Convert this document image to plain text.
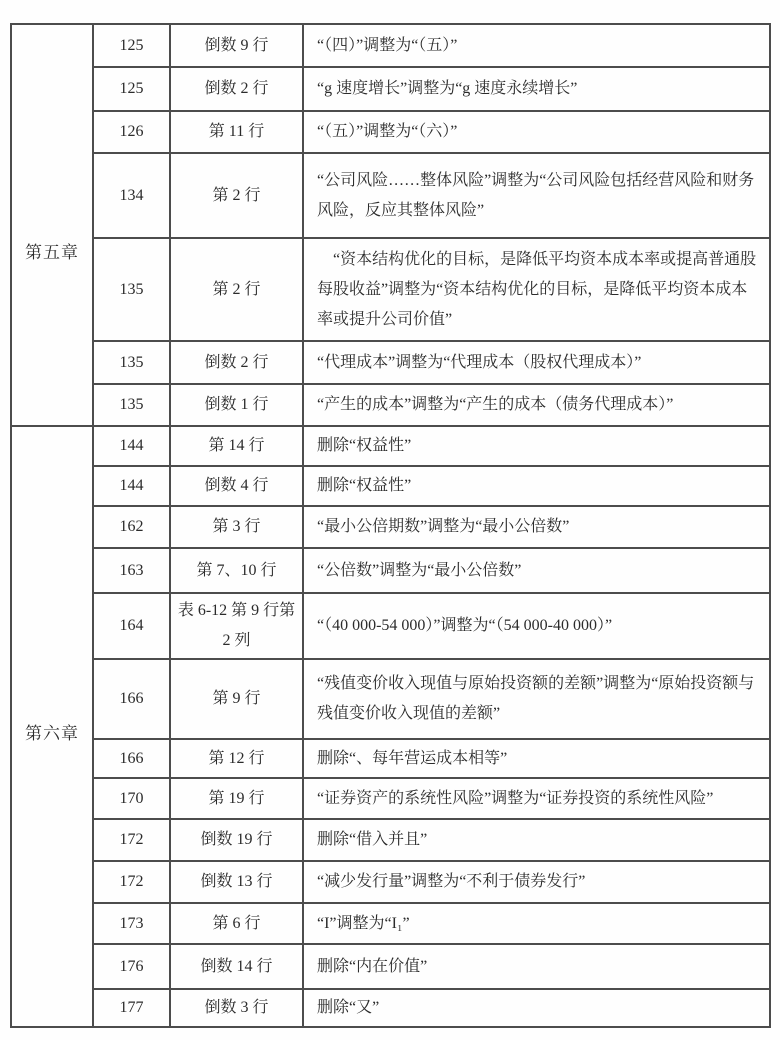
第五章	125	倒数 9 行	“（四）”调整为“（五）”
	125	倒数 2 行	“g 速度增长”调整为“g 速度永续增长”
	126	第 11 行	“（五）”调整为“（六）”
	134	第 2 行	“公司风险……整体风险”调整为“公司风险包括经营风险和财务风险，反应其整体风险”
	135	第 2 行	　“资本结构优化的目标，是降低平均资本成本率或提高普通股每股收益”调整为“资本结构优化的目标，是降低平均资本成本率或提升公司价值”
	135	倒数 2 行	“代理成本”调整为“代理成本（股权代理成本）”
	135	倒数 1 行	“产生的成本”调整为“产生的成本（债务代理成本）”
第六章	144	第 14 行	删除“权益性”
	144	倒数 4 行	删除“权益性”
	162	第 3 行	“最小公倍期数”调整为“最小公倍数”
	163	第 7、10 行	“公倍数”调整为“最小公倍数”
	164	表 6-12 第 9 行第 2 列	“（40 000-54 000）”调整为“（54 000-40 000）”
	166	第 9 行	“残值变价收入现值与原始投资额的差额”调整为“原始投资额与残值变价收入现值的差额”
	166	第 12 行	删除“、每年营运成本相等”
	170	第 19 行	“证券资产的系统性风险”调整为“证券投资的系统性风险”
	172	倒数 19 行	删除“借入并且”
	172	倒数 13 行	“减少发行量”调整为“不利于债券发行”
	173	第 6 行	“I”调整为“I₁”
	176	倒数 14 行	删除“内在价值”
	177	倒数 3 行	删除“又”
